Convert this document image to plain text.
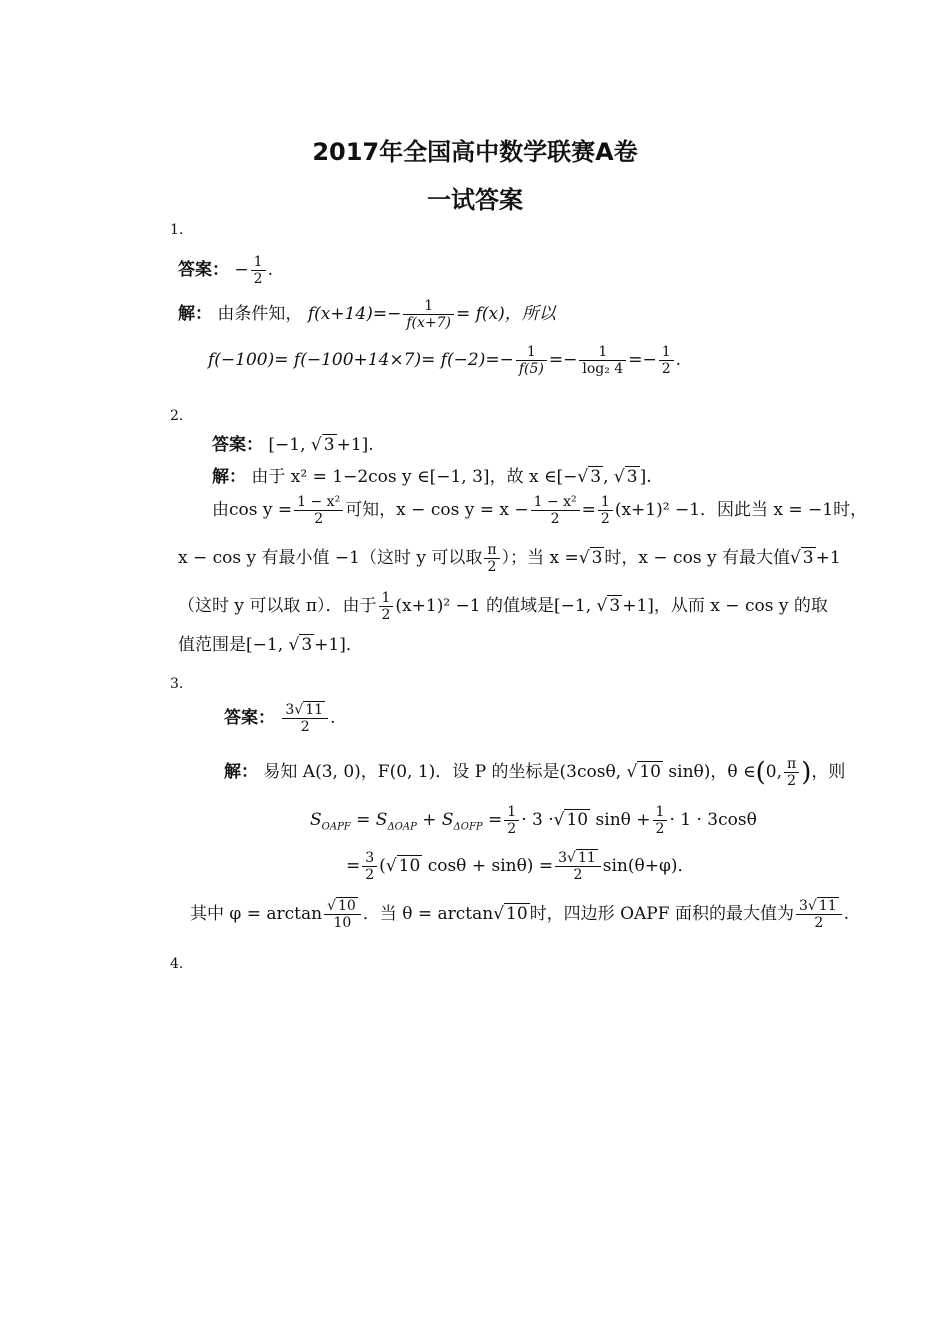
2017年全国高中数学联赛A卷
一试答案
1.
答案： − $\frac{1}{2}$ .
解： 由条件知， $f(x+14)=- \frac{1}{f(x+7)} = f(x)$，所以
$f(-100)= f(-100+14\times 7)= f(-2)=- \frac{1}{f(5)} =- \frac{1}{\text{log₂ 4}} =- \frac{1}{2}$ .
2.
答案： [−1, √ 3 +1].
解： 由于 x² = 1−2cos y ∈[−1, 3]，故 x ∈[−√ 3 , √ 3 ].
由$\cos y = \frac{\text{1 − x²}}{2}$ 可知，$x - \cos y = x - \frac{\text{1 − x²}}{2} = \frac{1}{2} (x+1)^2 -1$．因此当 x = −1时，
x − cos y 有最小值 −1（这时 y 可以取 $\frac{\pi}{2}$ ）；当 x =√ 3 时，x − cos y 有最大值√ 3 +1
（这时 y 可以取 π）．由于 $\frac{1}{2} (x+1)^2 -1$ 的值域是[−1, √ 3 +1]，从而 x − cos y 的取
值范围是[−1, √ 3 +1]．
3.
答案： $\frac{3√ 11}{2}$ .
解： 易知 A(3, 0)，F(0, 1)．设 P 的坐标是(3cosθ, √ 10 sinθ)，θ ∈(0, $\frac{\pi}{2}$ )，则
$S_{OAPF} = S_{\Delta OAP} + S_{\Delta OFP} = \frac{1}{2} \cdot 3$ ·√ 10 $\sin\theta + \frac{1}{2} \cdot 1 \cdot 3\cos\theta$
= $\frac{3}{2}$ (√ 10 $\cos\theta + \sin\theta) = \frac{3√ 11}{2} \sin(\theta+\varphi)$．
其中 $\varphi = \arctan \frac{√ 10}{10}$ ．当 θ = arctan√ 10 时，四边形 OAPF 面积的最大值为 $\frac{3√ 11}{2}$ .
4.
